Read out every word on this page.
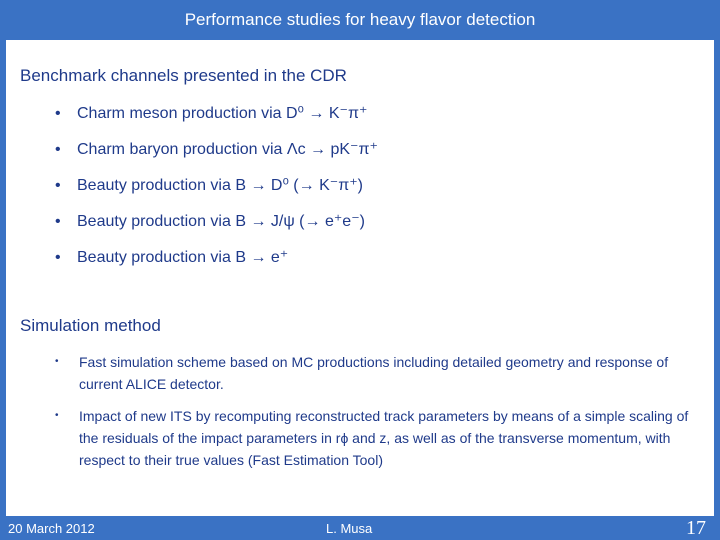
Performance studies for heavy flavor detection
Benchmark channels presented in the CDR
• Charm meson production via D⁰ → K⁻π⁺
• Charm baryon production via Λc → pK⁻π⁺
• Beauty production via B → D⁰ (→ K⁻π⁺)
• Beauty production via B → J/ψ (→ e⁺e⁻)
• Beauty production via B → e⁺
Simulation method
•	Fast simulation scheme based on MC productions including detailed geometry and response of current ALICE detector.
•	Impact of new ITS by recomputing reconstructed track parameters by means of a simple scaling of the residuals of the impact parameters in rϕ and z, as well as of the transverse momentum, with respect to their true values (Fast Estimation Tool)
20 March 2012	L. Musa	17
